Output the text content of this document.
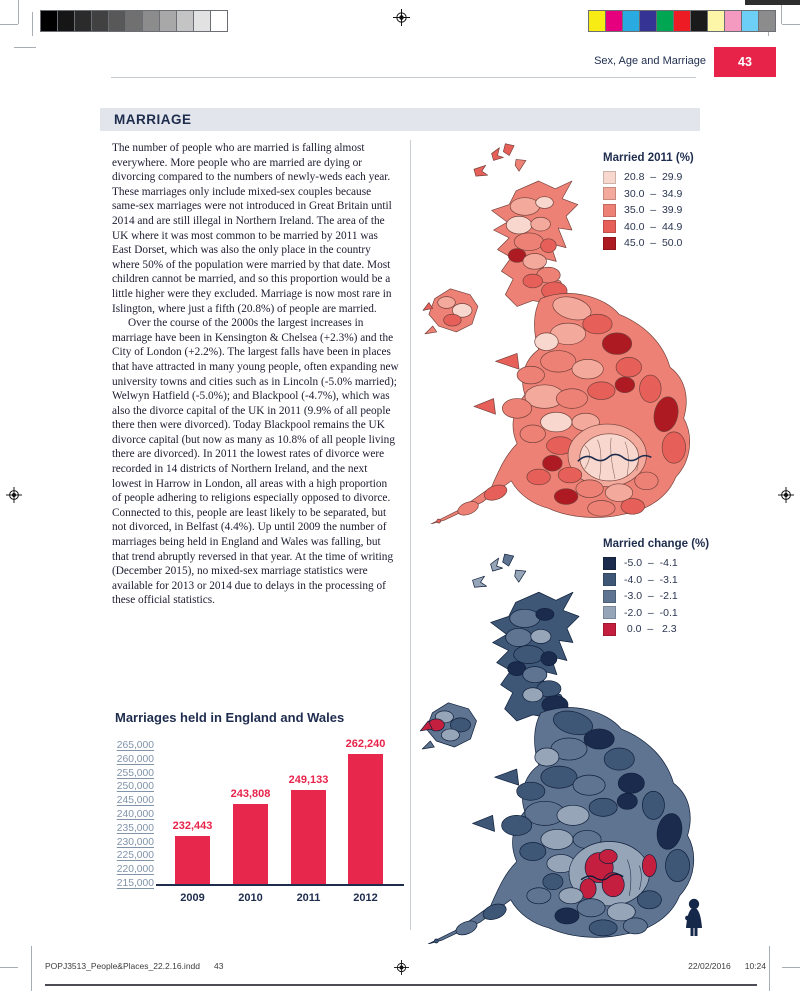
Sex, Age and Marriage	43
MARRIAGE

The number of people who are married is falling almost everywhere. More people who are married are dying or divorcing compared to the numbers of newly-weds each year. These marriages only include mixed-sex couples because same-sex marriages were not introduced in Great Britain until 2014 and are still illegal in Northern Ireland. The area of the UK where it was most common to be married by 2011 was East Dorset, which was also the only place in the country where 50% of the population were married by that date. Most children cannot be married, and so this proportion would be a little higher were they excluded. Marriage is now most rare in Islington, where just a fifth (20.8%) of people are married.

Over the course of the 2000s the largest increases in marriage have been in Kensington & Chelsea (+2.3%) and the City of London (+2.2%). The largest falls have been in places that have attracted in many young people, often expanding new university towns and cities such as in Lincoln (-5.0% married); Welwyn Hatfield (-5.0%); and Blackpool (-4.7%), which was also the divorce capital of the UK in 2011 (9.9% of all people there then were divorced). Today Blackpool remains the UK divorce capital (but now as many as 10.8% of all people living there are divorced). In 2011 the lowest rates of divorce were recorded in 14 districts of Northern Ireland, and the next lowest in Harrow in London, all areas with a high proportion of people adhering to religions especially opposed to divorce. Connected to this, people are least likely to be separated, but not divorced, in Belfast (4.4%). Up until 2009 the number of marriages being held in England and Wales was falling, but that trend abruptly reversed in that year. At the time of writing (December 2015), no mixed-sex marriage statistics were available for 2013 or 2014 due to delays in the processing of these official statistics.

Married 2011 (%)
20.8  –  29.9
30.0  –  34.9
35.0  –  39.9
40.0  –  44.9
45.0  –  50.0
Married change (%)
-5.0  –  -4.1
-4.0  –  -3.1
-3.0  –  -2.1
-2.0  –  -0.1
0.0  –   2.3
Marriages held in England and Wales
265,000
260,000
255,000
250,000
245,000
240,000
235,000
230,000
225,000
220,000
215,000
232,443
2009
243,808
2010
249,133
2011
262,240
2012
POPJ3513_People&Places_22.2.16.indd 43	22/02/2016 10:24
